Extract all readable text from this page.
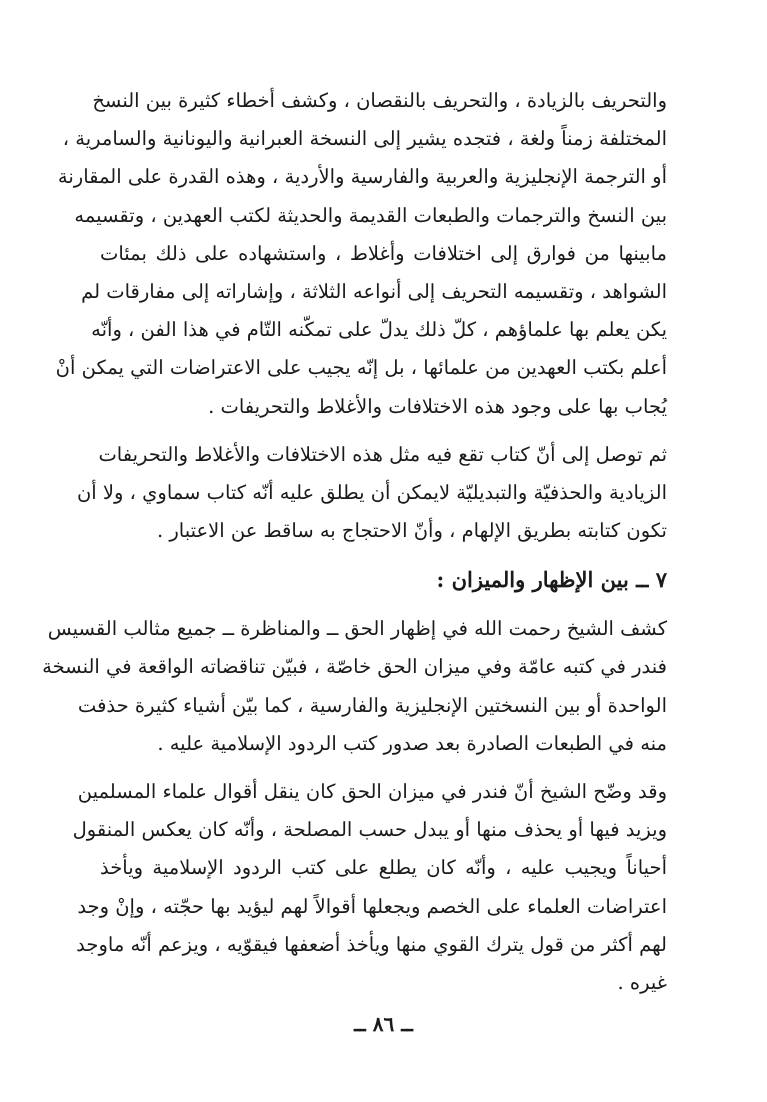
والتحريف بالزيادة ، والتحريف بالنقصان ، وكشف أخطاء كثيرة بين النسخ
المختلفة زمناً ولغة ، فتجده يشير إلى النسخة العبرانية واليونانية والسامرية ،
أو الترجمة الإنجليزية والعربية والفارسية والأردية ، وهذه القدرة على المقارنة
بين النسخ والترجمات والطبعات القديمة والحديثة لكتب العهدين ، وتقسيمه
مابينها من فوارق إلى اختلافات وأغلاط ، واستشهاده على ذلك بمئات
الشواهد ، وتقسيمه التحريف إلى أنواعه الثلاثة ، وإشاراته إلى مفارقات لم
يكن يعلم بها علماؤهم ، كلّ ذلك يدلّ على تمكّنه التّام في هذا الفن ، وأنّه
أعلم بكتب العهدين من علمائها ، بل إنّه يجيب على الاعتراضات التي يمكن أنْ
يُجاب بها على وجود هذه الاختلافات والأغلاط والتحريفات .
ثم توصل إلى أنّ كتاب تقع فيه مثل هذه الاختلافات والأغلاط والتحريفات
الزيادية والحذفيّة والتبديليّة لايمكن أن يطلق عليه أنّه كتاب سماوي ، ولا أن
تكون كتابته بطريق الإلهام ، وأنّ الاحتجاج به ساقط عن الاعتبار .
٧ ــ بين الإظهار والميزان :
كشف الشيخ رحمت الله في إظهار الحق ــ والمناظرة ــ جميع مثالب القسيس
فندر في كتبه عامّة وفي ميزان الحق خاصّة ، فبيّن تناقضاته الواقعة في النسخة
الواحدة أو بين النسختين الإنجليزية والفارسية ، كما بيّن أشياء كثيرة حذفت
منه في الطبعات الصادرة بعد صدور كتب الردود الإسلامية عليه .
وقد وضّح الشيخ أنّ فندر في ميزان الحق كان ينقل أقوال علماء المسلمين
ويزيد فيها أو يحذف منها أو يبدل حسب المصلحة ، وأنّه كان يعكس المنقول
أحياناً ويجيب عليه ، وأنّه كان يطلع على كتب الردود الإسلامية ويأخذ
اعتراضات العلماء على الخصم ويجعلها أقوالاً لهم ليؤيد بها حجّته ، وإنْ وجد
لهم أكثر من قول يترك القوي منها ويأخذ أضعفها فيقوّيه ، ويزعم أنّه ماوجد
غيره .
ــ ٨٦ ــ
